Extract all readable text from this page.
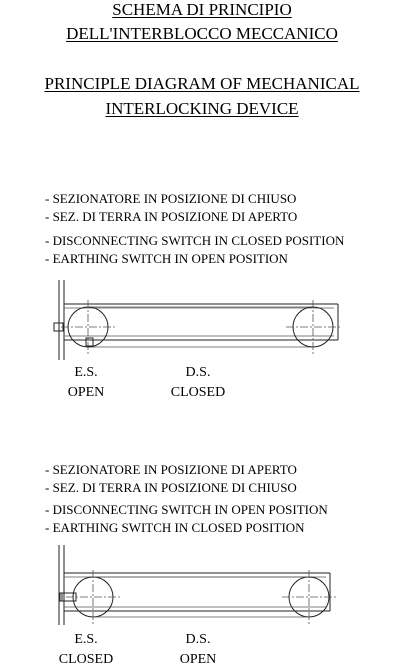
SCHEMA DI PRINCIPIO
DELL'INTERBLOCCO MECCANICO
PRINCIPLE DIAGRAM OF MECHANICAL
INTERLOCKING DEVICE
- SEZIONATORE IN POSIZIONE DI CHIUSO
- SEZ. DI TERRA IN POSIZIONE DI APERTO
- DISCONNECTING SWITCH IN CLOSED POSITION
- EARTHING SWITCH IN OPEN POSITION
E.S.
OPEN
D.S.
CLOSED
- SEZIONATORE IN POSIZIONE DI APERTO
- SEZ. DI TERRA IN POSIZIONE DI CHIUSO
- DISCONNECTING SWITCH IN OPEN POSITION
- EARTHING SWITCH IN CLOSED POSITION
E.S.
CLOSED
D.S.
OPEN
